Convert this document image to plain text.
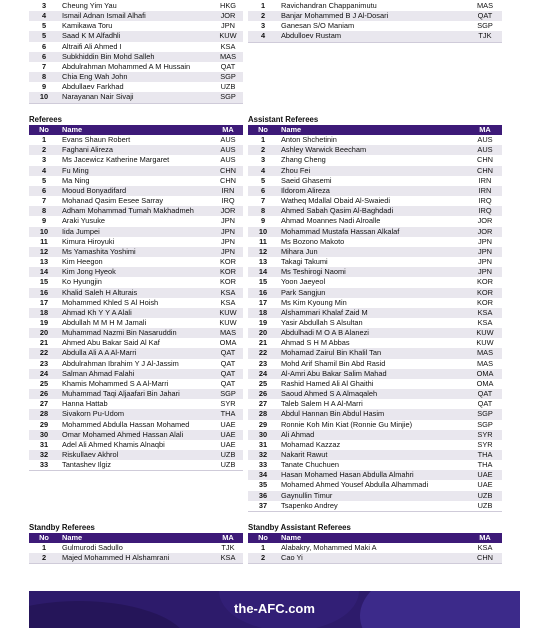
3	Cheung Yim Yau	HKG
4	Ismail Adnan Ismail Alhafi	JOR
5	Kamikawa Toru	JPN
5	Saad K M Alfadhli	KUW
6	Altraifi Ali Ahmed I	KSA
6	Subkhiddin Bin Mohd Salleh	MAS
7	Abdulrahman Mohammed A M Hussain	QAT
8	Chia Eng Wah John	SGP
9	Abdullaev Farkhad	UZB
10	Narayanan Nair Sivaji	SGP
1	Ravichandran Chappanimutu	MAS
2	Banjar Mohammed B J Al-Dosari	QAT
3	Ganesan S/O Maniam	SGP
4	Abdulloev Rustam	TJK
Referees
No	Name	MA
1	Evans Shaun Robert	AUS
2	Faghani Alireza	AUS
3	Ms Jacewicz Katherine Margaret	AUS
4	Fu Ming	CHN
5	Ma Ning	CHN
6	Mooud Bonyadifard	IRN
7	Mohanad Qasim Eesee Sarray	IRQ
8	Adham Mohammad Tumah Makhadmeh	JOR
9	Araki Yusuke	JPN
10	Iida Jumpei	JPN
11	Kimura Hiroyuki	JPN
12	Ms Yamashita Yoshimi	JPN
13	Kim Heegon	KOR
14	Kim Jong Hyeok	KOR
15	Ko Hyungjin	KOR
16	Khalid Saleh H Alturais	KSA
17	Mohammed Khled S Al Hoish	KSA
18	Ahmad Kh Y Y A Alali	KUW
19	Abdullah M M H M Jamali	KUW
20	Muhammad Nazmi Bin Nasaruddin	MAS
21	Ahmed Abu Bakar Said Al Kaf	OMA
22	Abdulla Ali A A Al-Marri	QAT
23	Abdulrahman Ibrahim Y J Al-Jassim	QAT
24	Salman Ahmad Falahi	QAT
25	Khamis Mohammed S A Al-Marri	QAT
26	Muhammad Taqi Aljaafari Bin Jahari	SGP
27	Hanna Hattab	SYR
28	Sivakorn Pu-Udom	THA
29	Mohammed Abdulla Hassan Mohamed	UAE
30	Omar Mohamed Ahmed Hassan Alali	UAE
31	Adel Ali Ahmed Khamis Alnaqbi	UAE
32	Riskullaev Akhrol	UZB
33	Tantashev Ilgiz	UZB
Assistant Referees
No	Name	MA
1	Anton Shchetinin	AUS
2	Ashley Warwick Beecham	AUS
3	Zhang Cheng	CHN
4	Zhou Fei	CHN
5	Saeid Ghasemi	IRN
6	Ildorom Alireza	IRN
7	Watheq Mdallal Obaid Al-Swaiedi	IRQ
8	Ahmed Sabah Qasim Al-Baghdadi	IRQ
9	Ahmad Moannes Nadi Alroalle	JOR
10	Mohammad Mustafa Hassan Alkalaf	JOR
11	Ms Bozono Makoto	JPN
12	Mihara Jun	JPN
13	Takagi Takumi	JPN
14	Ms Teshirogi Naomi	JPN
15	Yoon Jaeyeol	KOR
16	Park Sangjun	KOR
17	Ms Kim Kyoung Min	KOR
18	Alshammari Khalaf Zaid M	KSA
19	Yasir Abdullah S Alsultan	KSA
20	Abdulhadi M O A B Alanezi	KUW
21	Ahmad S H M Abbas	KUW
22	Mohamad Zairul Bin Khalil Tan	MAS
23	Mohd Arif Shamil Bin Abd Rasid	MAS
24	Al-Amri Abu Bakar Salim Mahad	OMA
25	Rashid Hamed Ali Al Ghaithi	OMA
26	Saoud Ahmed S A Almaqaleh	QAT
27	Taleb Salem H A Al-Marri	QAT
28	Abdul Hannan Bin Abdul Hasim	SGP
29	Ronnie Koh Min Kiat (Ronnie Gu Minjie)	SGP
30	Ali Ahmad	SYR
31	Mohamad Kazzaz	SYR
32	Nakarit Rawut	THA
33	Tanate Chuchuen	THA
34	Hasan Mohamed Hasan Abdulla Almahri	UAE
35	Mohamed Ahmed Yousef Abdulla Alhammadi	UAE
36	Gaynullin Timur	UZB
37	Tsapenko Andrey	UZB
Standby Referees
No	Name	MA
1	Gulmurodi Sadullo	TJK
2	Majed Mohammed H Alshamrani	KSA
Standby Assistant Referees
No	Name	MA
1	Alabakry, Mohammed Maki A	KSA
2	Cao Yi	CHN
the-AFC.com
